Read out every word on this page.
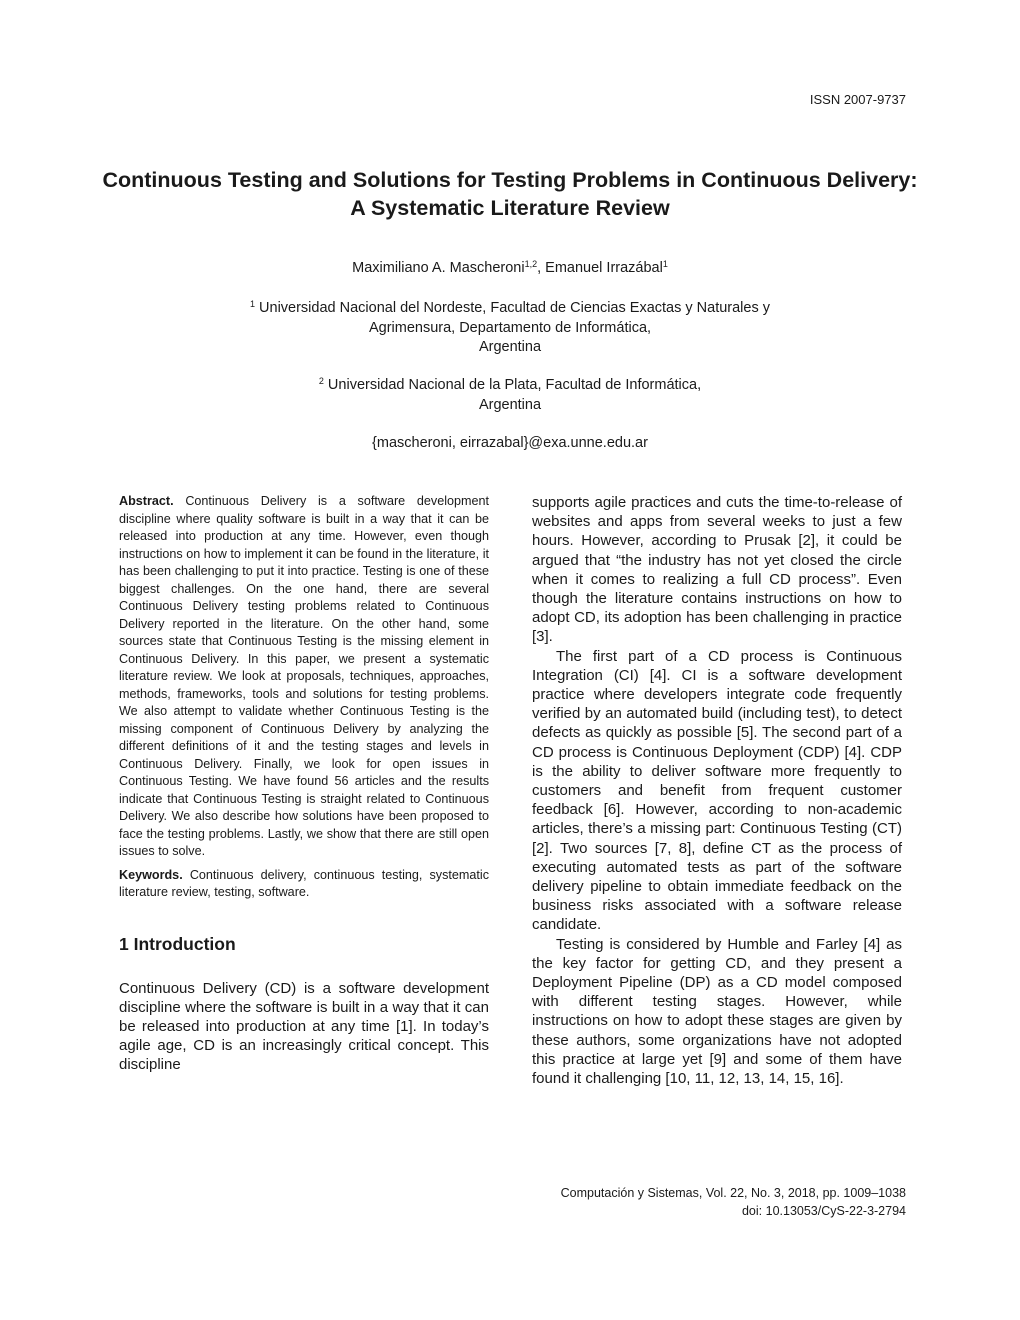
ISSN 2007-9737
Continuous Testing and Solutions for Testing Problems in Continuous Delivery: A Systematic Literature Review
Maximiliano A. Mascheroni$^{1,2}$, Emanuel Irrazábal$^1$
$^1$ Universidad Nacional del Nordeste, Facultad de Ciencias Exactas y Naturales y
Agrimensura, Departamento de Informática,
Argentina
$^2$ Universidad Nacional de la Plata, Facultad de Informática,
Argentina
{mascheroni, eirrazabal}@exa.unne.edu.ar

Abstract. Continuous Delivery is a software development discipline where quality software is built in a way that it can be released into production at any time. However, even though instructions on how to implement it can be found in the literature, it has been challenging to put it into practice. Testing is one of these biggest challenges. On the one hand, there are several Continuous Delivery testing problems related to Continuous Delivery reported in the literature. On the other hand, some sources state that Continuous Testing is the missing element in Continuous Delivery. In this paper, we present a systematic literature review. We look at proposals, techniques, approaches, methods, frameworks, tools and solutions for testing problems. We also attempt to validate whether Continuous Testing is the missing component of Continuous Delivery by analyzing the different definitions of it and the testing stages and levels in Continuous Delivery. Finally, we look for open issues in Continuous Testing. We have found 56 articles and the results indicate that Continuous Testing is straight related to Continuous Delivery. We also describe how solutions have been proposed to face the testing problems. Lastly, we show that there are still open issues to solve.

Keywords. Continuous delivery, continuous testing, systematic literature review, testing, software.

1 Introduction

Continuous Delivery (CD) is a software development discipline where the software is built in a way that it can be released into production at any time [1]. In today’s agile age, CD is an increasingly critical concept. This discipline

supports agile practices and cuts the time-to-release of websites and apps from several weeks to just a few hours. However, according to Prusak [2], it could be argued that “the industry has not yet closed the circle when it comes to realizing a full CD process”. Even though the literature contains instructions on how to adopt CD, its adoption has been challenging in practice [3].

The first part of a CD process is Continuous Integration (CI) [4]. CI is a software development practice where developers integrate code frequently verified by an automated build (including test), to detect defects as quickly as possible [5]. The second part of a CD process is Continuous Deployment (CDP) [4]. CDP is the ability to deliver software more frequently to customers and benefit from frequent customer feedback [6]. However, according to non-academic articles, there’s a missing part: Continuous Testing (CT) [2]. Two sources [7, 8], define CT as the process of executing automated tests as part of the software delivery pipeline to obtain immediate feedback on the business risks associated with a software release candidate.

Testing is considered by Humble and Farley [4] as the key factor for getting CD, and they present a Deployment Pipeline (DP) as a CD model composed with different testing stages. However, while instructions on how to adopt these stages are given by these authors, some organizations have not adopted this practice at large yet [9] and some of them have found it challenging [10, 11, 12, 13, 14, 15, 16].

Computación y Sistemas, Vol. 22, No. 3, 2018, pp. 1009–1038
doi: 10.13053/CyS-22-3-2794
